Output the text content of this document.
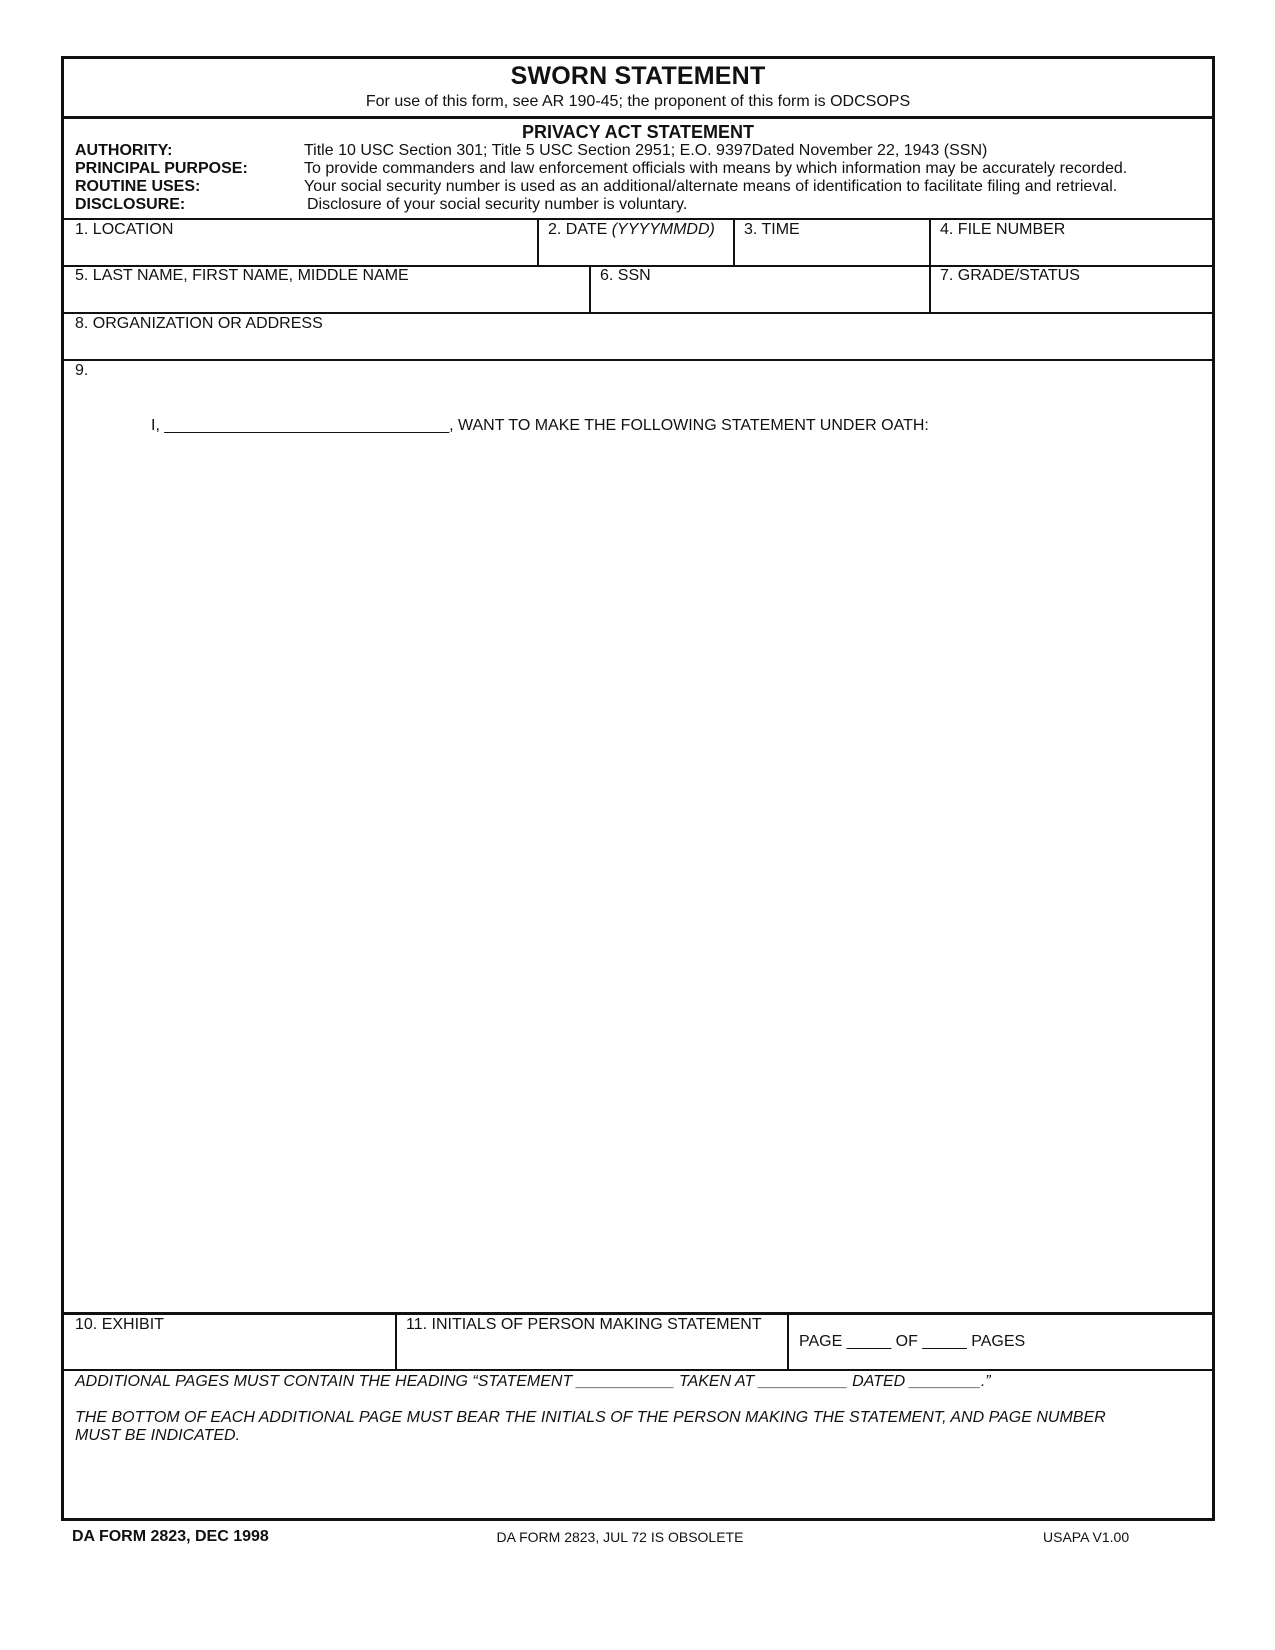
SWORN STATEMENT
For use of this form, see AR 190-45; the proponent of this form is ODCSOPS
PRIVACY ACT STATEMENT
AUTHORITY:	Title 10 USC Section 301; Title 5 USC Section 2951; E.O. 9397Dated November 22, 1943 (SSN)
PRINCIPAL PURPOSE:	To provide commanders and law enforcement officials with means by which information may be accurately recorded.
ROUTINE USES:	Your social security number is used as an additional/alternate means of identification to facilitate filing and retrieval.
DISCLOSURE:	Disclosure of your social security number is voluntary.
1. LOCATION	2. DATE (YYYYMMDD) 3. TIME	4. FILE NUMBER
5. LAST NAME, FIRST NAME, MIDDLE NAME	6. SSN	7. GRADE/STATUS
8. ORGANIZATION OR ADDRESS
9.
I, ________________________________, WANT TO MAKE THE FOLLOWING STATEMENT UNDER OATH:
10. EXHIBIT	11. INITIALS OF PERSON MAKING STATEMENT
PAGE _____ OF _____ PAGES
ADDITIONAL PAGES MUST CONTAIN THE HEADING “STATEMENT ___________ TAKEN AT __________ DATED ________.”
THE BOTTOM OF EACH ADDITIONAL PAGE MUST BEAR THE INITIALS OF THE PERSON MAKING THE STATEMENT, AND PAGE NUMBER
MUST BE INDICATED.
DA FORM 2823, DEC 1998	DA FORM 2823, JUL 72 IS OBSOLETE	USAPA V1.00
